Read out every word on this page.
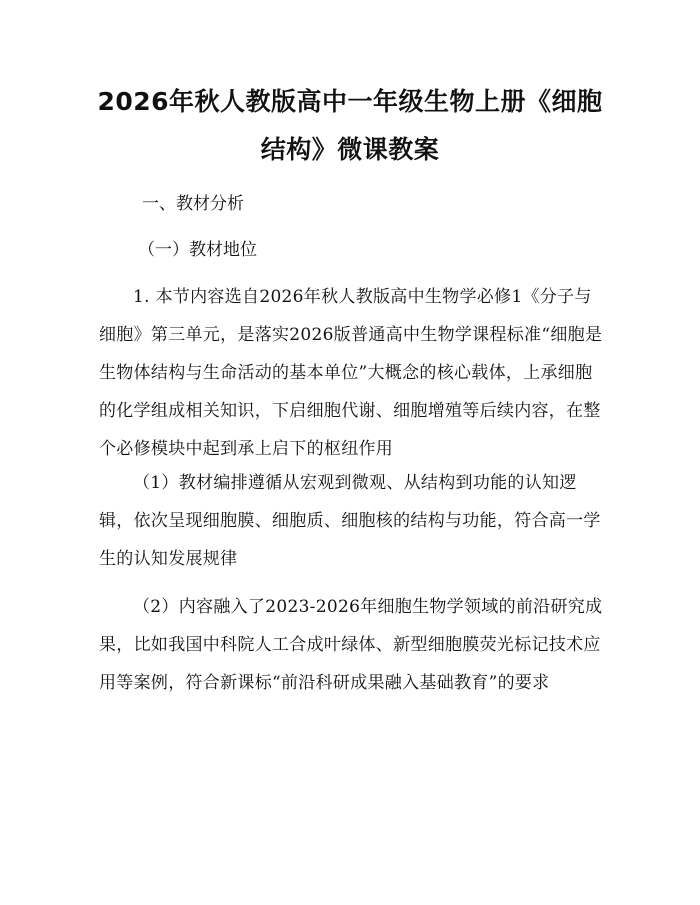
2026年秋人教版高中一年级生物上册《细胞结构》微课教案

一、教材分析

（一）教材地位

1. 本节内容选自2026年秋人教版高中生物学必修1《分子与细胞》第三单元，是落实2026版普通高中生物学课程标准“细胞是生物体结构与生命活动的基本单位”大概念的核心载体，上承细胞的化学组成相关知识，下启细胞代谢、细胞增殖等后续内容，在整个必修模块中起到承上启下的枢纽作用

（1）教材编排遵循从宏观到微观、从结构到功能的认知逻辑，依次呈现细胞膜、细胞质、细胞核的结构与功能，符合高一学生的认知发展规律

（2）内容融入了2023-2026年细胞生物学领域的前沿研究成果，比如我国中科院人工合成叶绿体、新型细胞膜荧光标记技术应用等案例，符合新课标“前沿科研成果融入基础教育”的要求
